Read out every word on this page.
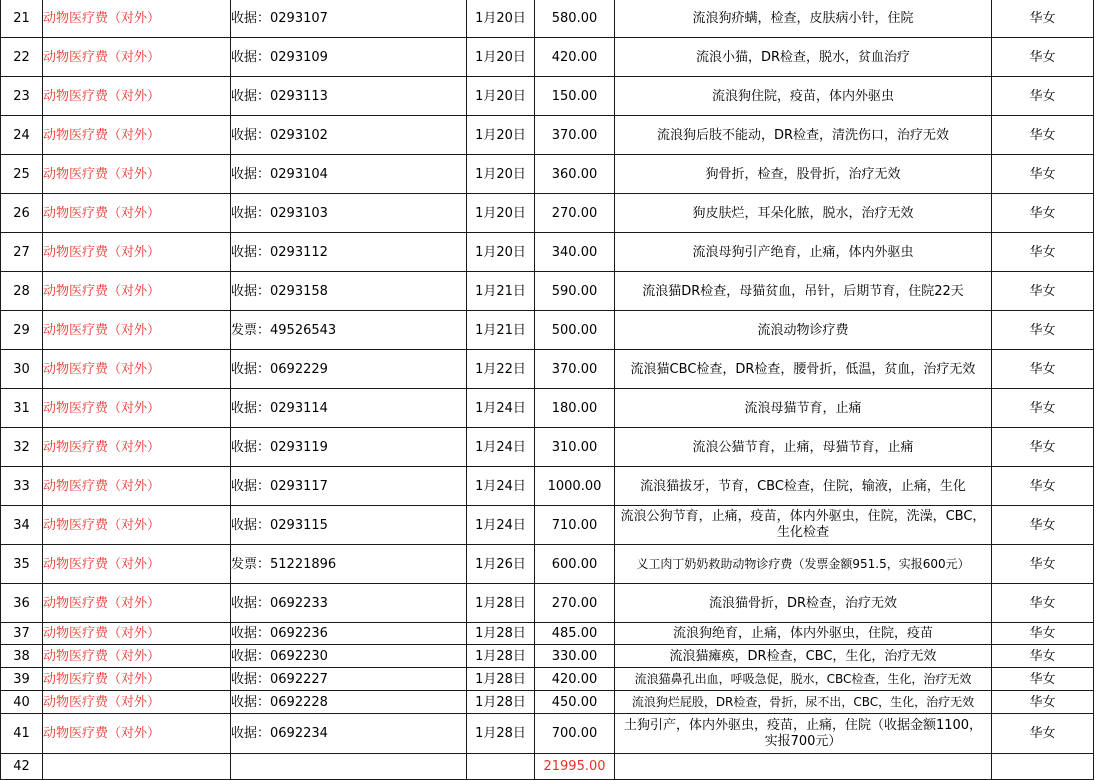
21	动物医疗费（对外）	收据：0293107	1月20日	580.00	流浪狗疥螨，检查，皮肤病小针，住院	华女
22	动物医疗费（对外）	收据：0293109	1月20日	420.00	流浪小猫，DR检查，脱水，贫血治疗	华女
23	动物医疗费（对外）	收据：0293113	1月20日	150.00	流浪狗住院，疫苗，体内外驱虫	华女
24	动物医疗费（对外）	收据：0293102	1月20日	370.00	流浪狗后肢不能动，DR检查，清洗伤口，治疗无效	华女
25	动物医疗费（对外）	收据：0293104	1月20日	360.00	狗骨折，检查，股骨折，治疗无效	华女
26	动物医疗费（对外）	收据：0293103	1月20日	270.00	狗皮肤烂，耳朵化脓，脱水，治疗无效	华女
27	动物医疗费（对外）	收据：0293112	1月20日	340.00	流浪母狗引产绝育，止痛，体内外驱虫	华女
28	动物医疗费（对外）	收据：0293158	1月21日	590.00	流浪猫DR检查，母猫贫血，吊针，后期节育，住院22天	华女
29	动物医疗费（对外）	发票：49526543	1月21日	500.00	流浪动物诊疗费	华女
30	动物医疗费（对外）	收据：0692229	1月22日	370.00	流浪猫CBC检查，DR检查，腰骨折，低温，贫血，治疗无效	华女
31	动物医疗费（对外）	收据：0293114	1月24日	180.00	流浪母猫节育，止痛	华女
32	动物医疗费（对外）	收据：0293119	1月24日	310.00	流浪公猫节育，止痛，母猫节育，止痛	华女
33	动物医疗费（对外）	收据：0293117	1月24日	1000.00	流浪猫拔牙，节育，CBC检查，住院，输液，止痛，生化	华女
34	动物医疗费（对外）	收据：0293115	1月24日	710.00	流浪公狗节育，止痛，疫苗，体内外驱虫，住院，洗澡，CBC，生化检查	华女
35	动物医疗费（对外）	发票：51221896	1月26日	600.00	义工肉丁奶奶救助动物诊疗费（发票金额951.5，实报600元）	华女
36	动物医疗费（对外）	收据：0692233	1月28日	270.00	流浪猫骨折，DR检查，治疗无效	华女
37	动物医疗费（对外）	收据：0692236	1月28日	485.00	流浪狗绝育，止痛，体内外驱虫，住院，疫苗	华女
38	动物医疗费（对外）	收据：0692230	1月28日	330.00	流浪猫瘫痪，DR检查，CBC，生化，治疗无效	华女
39	动物医疗费（对外）	收据：0692227	1月28日	420.00	流浪猫鼻孔出血，呼吸急促，脱水，CBC检查，生化，治疗无效	华女
40	动物医疗费（对外）	收据：0692228	1月28日	450.00	流浪狗烂屁股，DR检查，骨折，尿不出，CBC，生化，治疗无效	华女
41	动物医疗费（对外）	收据：0692234	1月28日	700.00	土狗引产，体内外驱虫，疫苗，止痛，住院（收据金额1100，实报700元）	华女
42				21995.00		
